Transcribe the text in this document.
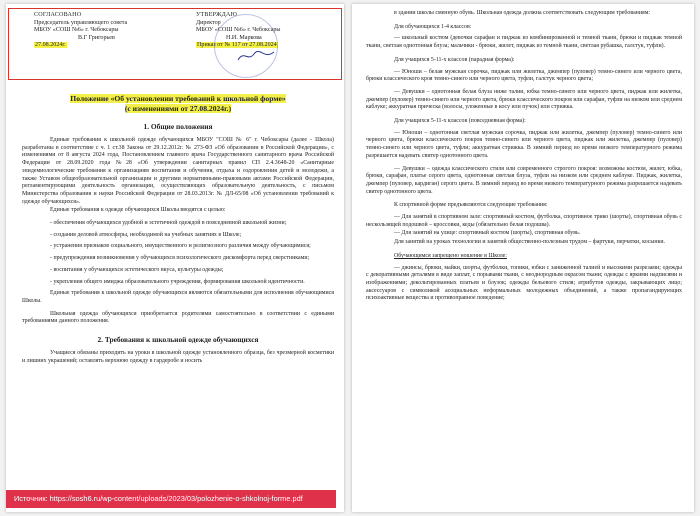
СОГЛАСОВАНО
Председатель управляющего совета
МБОУ «СОШ №6» г. Чебоксары
В.Г Григорьев
27.08.2024г.
УТВЕРЖДАЮ
Директор
МБОУ «СОШ №6» г. Чебоксары
Н.И. Маркова
Приказ от № 117 от 27.08.2024
Положение «Об установлении требований к школьной форме»
(с изменениями от 27.08.2024г.)
1. Общие положения

Единые требования к школьной одежде обучающихся МБОУ "СОШ № 6" г. Чебоксары (далее - Школа) разработаны в соответствие с ч. 1 ст.38 Закона от 29.12.2012г. № 273-ФЗ «Об образовании в Российской Федерации», с изменениями от 8 августа 2024 года, Постановлением главного врача Государственного санитарного врача Российской Федерации от 28.09.2020 года №28 «Об утверждении санитарных правил СП 2.4.3648-20 «Санитарные эпидемиологические требования к организациям воспитания и обучения, отдыха и оздоровления детей и молодежи, а также Уставом общеобразовательной организации и другими нормативными-правовыми актами Российской Федерации, регламентирующими деятельность организации, осуществляющих образовательную деятельность, с письмом Министерства образования и науки Российской Федерации от 28.03.2013г. № ДЛ-65/08 «Об установлении требований к одежде обучающихся».

Единые требования к одежде обучающихся Школы вводятся с целью:

- обеспечения обучающихся удобной и эстетичной одеждой в повседневной школьной жизни;

- создания деловой атмосферы, необходимой на учебных занятиях в Школе;

- устранения признаков социального, имущественного и религиозного различия между обучающимися;

- предупреждения возникновения у обучающихся психологического дискомфорта перед сверстниками;

- воспитания у обучающихся эстетического вкуса, культуры одежды;

- укрепления общего имиджа образовательного учреждения, формирования школьной идентичности.

Единые требования к школьной одежде обучающихся являются обязательными для исполнения обучающимися Школы.

Школьная одежда обучающихся приобретается родителями самостоятельно в соответствии с едиными требованиями данного положения.

2. Требования к школьной одежде обучающихся

Учащиеся обязаны приходить на уроки в школьной одежде установленного образца, без чрезмерной косметики и лишних украшений; оставлять верхнюю одежду в гардеробе и носить

в здании школы сменную обувь. Школьная одежда должна соответствовать следующим требованиям:

Для обучающихся 1-4 классов:

— школьный костюм (девочки сарафан и пиджак из комбинированной и темной ткани, брюки и пиджак темной ткани, светлая однотонная блуза; мальчики - брюки, жилет, пиджак из темной ткани, светлая рубашка, галстук, туфли).

Для учащихся 5-11-х классов (парадная форма):

— Юноши – белая мужская сорочка, пиджак или жилетка, джемпер (пуловер) темно-синего или черного цвета, брюки классического кроя темно-синего или черного цвета, туфли, галстук черного цвета;

— Девушки – однотонная белая блуза ниже талии, юбка темно-синего или черного цвета, пиджак или жилетка, джемпер (пуловер) темно-синего или черного цвета, брюки классического покроя или сарафан, туфли на низком или среднем каблуке; аккуратная прическа (волосы, уложенные в косу или пучок) или стрижка.

Для учащихся 5-11-х классов (повседневная форма):

— Юноши – однотонная светлая мужская сорочка, пиджак или жилетка, джемпер (пуловер) темно-синего или черного цвета, брюки классического покроя темно-синего или черного цвета, пиджак или жилетка, джемпер (пуловер) темно-синего или черного цвета, туфли; аккуратная стрижка. В зимний период во время низкого температурного режима разрешается надевать свитер однотонного цвета.

— Девушки – одежда классического стиля или современного строгого покроя: возможны костюм, жилет, юбка, брюки, сарафан, платье серого цвета, однотонная светлая блуза, туфли на низком или среднем каблуке. Пиджак, жилетка, джемпер (пуловер, кардиган) серого цвета. В зимний период во время низкого температурного режима разрешается надевать свитер однотонного цвета.

К спортивной форме предъявляются следующие требования:

— Для занятий в спортивном зале: спортивный костюм, футболка, спортивное трико (шорты), спортивная обувь с нескользящей подошвой – кроссовки, кеды (обязательно белая подошва).

— Для занятий на улице: спортивный костюм (шорты), спортивная обувь.

Для занятий на уроках технологии и занятий общественно-полезным трудом – фартуки, перчатки, косынки.

Обучающимся запрещено ношение в Школе:

— джинсы, брюки, майки, шорты, футболки, топики, юбки с заниженной талией и высокими разрезами; одежды с декоративными деталями в виде заплат, с порывами ткани, с неоднородным окрасом ткани; одежды с яркими надписями и изображениями; декольтированных платьев и блузок; одежды бельевого стиля; атрибутов одежды, закрывающих лицо; аксессуаров с символикой асоциальных неформальных молодежных объединений, а также пропагандирующих психоактивные вещества и противоправное поведение;

Источник: https://sosh6.ru/wp-content/uploads/2023/03/polozhenie-o-shkolnoj-forme.pdf
